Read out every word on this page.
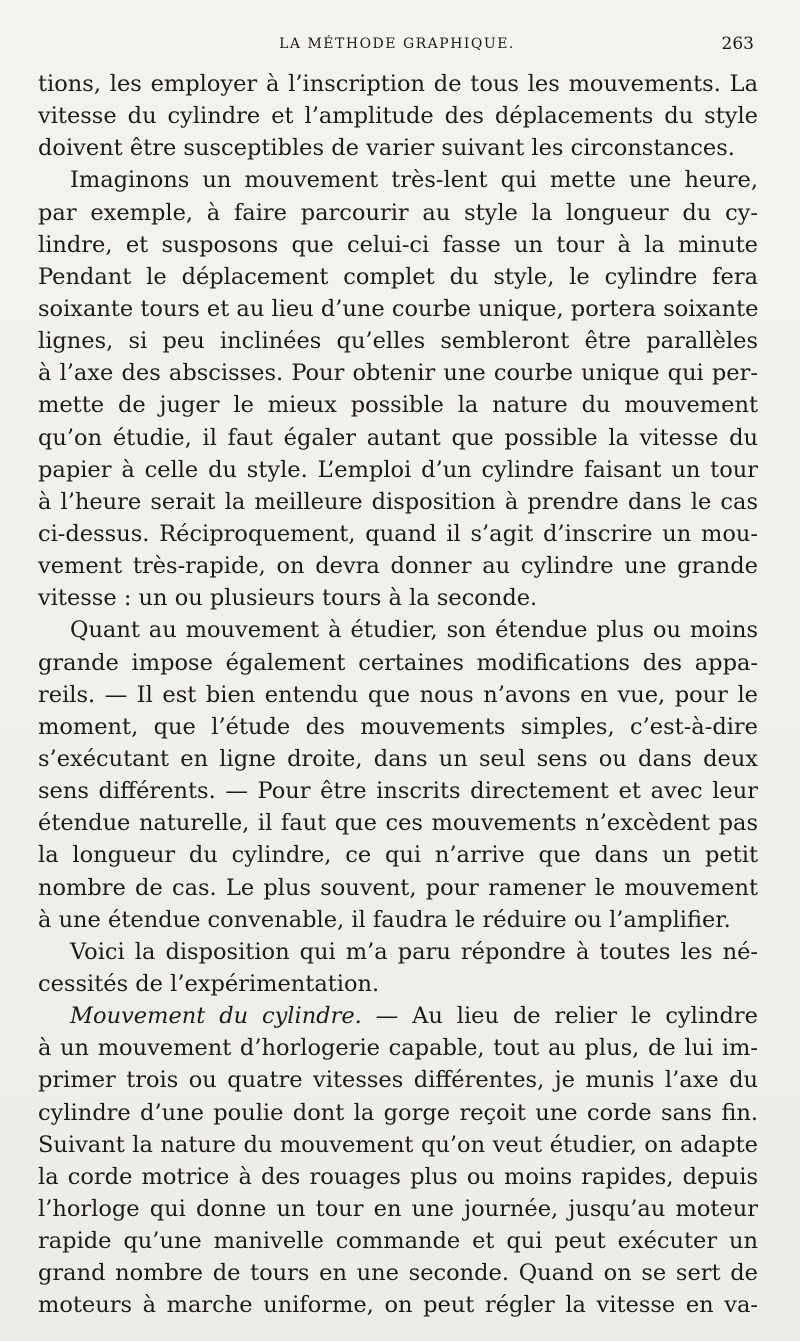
LA MÉTHODE GRAPHIQUE.	263
tions, les employer à l’inscription de tous les mouvements. La
vitesse du cylindre et l’amplitude des déplacements du style
doivent être susceptibles de varier suivant les circonstances.
Imaginons un mouvement très-lent qui mette une heure,
par exemple, à faire parcourir au style la longueur du cy-
lindre, et susposons que celui-ci fasse un tour à la minute
Pendant le déplacement complet du style, le cylindre fera
soixante tours et au lieu d’une courbe unique, portera soixante
lignes, si peu inclinées qu’elles sembleront être parallèles
à l’axe des abscisses. Pour obtenir une courbe unique qui per-
mette de juger le mieux possible la nature du mouvement
qu’on étudie, il faut égaler autant que possible la vitesse du
papier à celle du style. L’emploi d’un cylindre faisant un tour
à l’heure serait la meilleure disposition à prendre dans le cas
ci-dessus. Réciproquement, quand il s’agit d’inscrire un mou-
vement très-rapide, on devra donner au cylindre une grande
vitesse : un ou plusieurs tours à la seconde.
Quant au mouvement à étudier, son étendue plus ou moins
grande impose également certaines modifications des appa-
reils. — Il est bien entendu que nous n’avons en vue, pour le
moment, que l’étude des mouvements simples, c’est-à-dire
s’exécutant en ligne droite, dans un seul sens ou dans deux
sens différents. — Pour être inscrits directement et avec leur
étendue naturelle, il faut que ces mouvements n’excèdent pas
la longueur du cylindre, ce qui n’arrive que dans un petit
nombre de cas. Le plus souvent, pour ramener le mouvement
à une étendue convenable, il faudra le réduire ou l’amplifier.
Voici la disposition qui m’a paru répondre à toutes les né-
cessités de l’expérimentation.
Mouvement du cylindre. — Au lieu de relier le cylindre
à un mouvement d’horlogerie capable, tout au plus, de lui im-
primer trois ou quatre vitesses différentes, je munis l’axe du
cylindre d’une poulie dont la gorge reçoit une corde sans fin.
Suivant la nature du mouvement qu’on veut étudier, on adapte
la corde motrice à des rouages plus ou moins rapides, depuis
l’horloge qui donne un tour en une journée, jusqu’au moteur
rapide qu’une manivelle commande et qui peut exécuter un
grand nombre de tours en une seconde. Quand on se sert de
moteurs à marche uniforme, on peut régler la vitesse en va-
